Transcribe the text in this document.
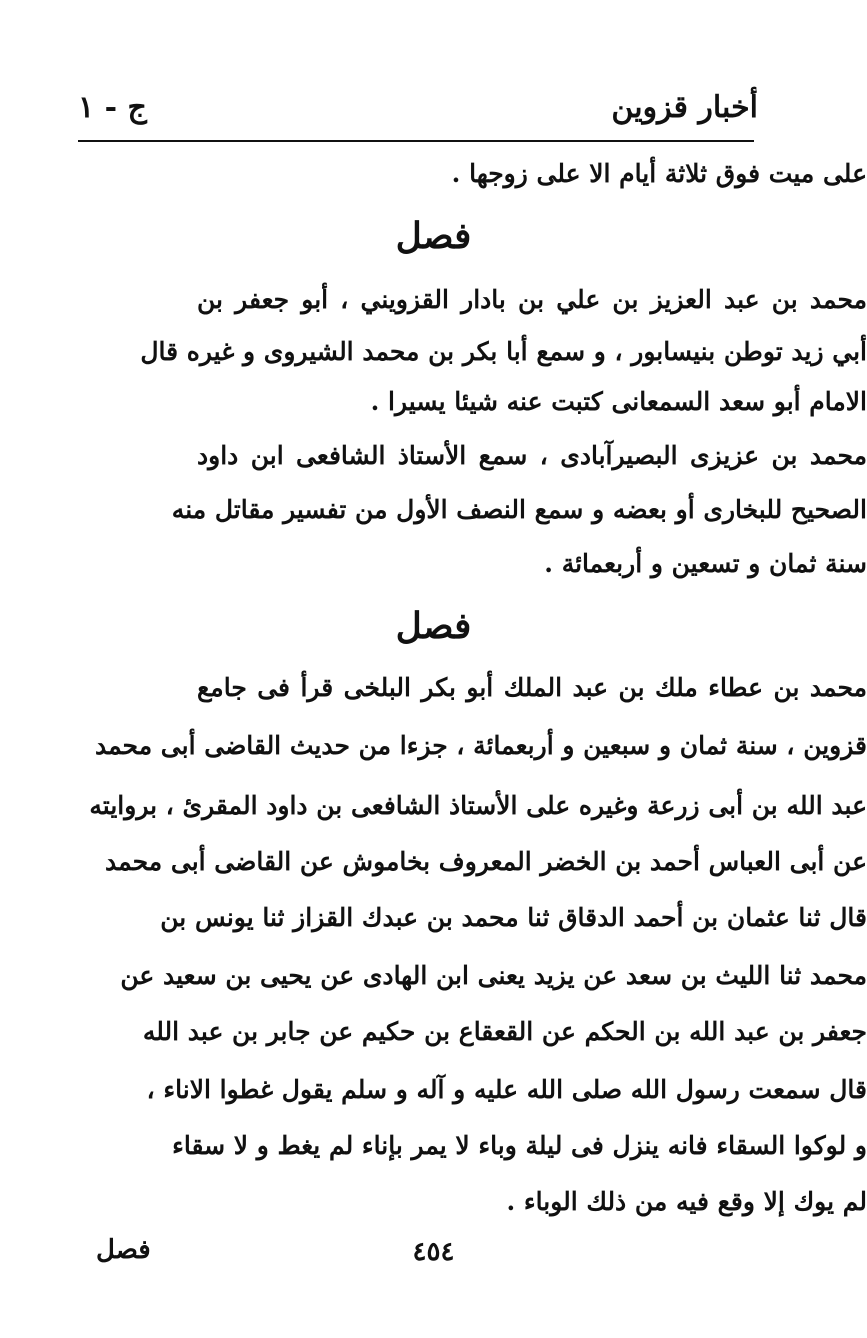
أخبار قزوين
ج - ١
على ميت فوق ثلاثة أيام الا على زوجها .
فصل
محمد بن عبد العزيز بن علي بن بادار القزويني ، أبو جعفر بن
أبي زيد توطن بنيسابور ، و سمع أبا بكر بن محمد الشيروى و غيره قال
الامام أبو سعد السمعانى كتبت عنه شيئا يسيرا .
محمد بن عزيزى البصيرآبادى ، سمع الأستاذ الشافعى ابن داود
الصحيح للبخارى أو بعضه و سمع النصف الأول من تفسير مقاتل منه
سنة ثمان و تسعين و أربعمائة .
فصل
محمد بن عطاء ملك بن عبد الملك أبو بكر البلخى قرأ فى جامع
قزوين ، سنة ثمان و سبعين و أربعمائة ، جزءا من حديث القاضى أبى محمد
عبد الله بن أبى زرعة وغيره على الأستاذ الشافعى بن داود المقرئ ، بروايته
عن أبى العباس أحمد بن الخضر المعروف بخاموش عن القاضى أبى محمد
قال ثنا عثمان بن أحمد الدقاق ثنا محمد بن عبدك القزاز ثنا يونس بن
محمد ثنا الليث بن سعد عن يزيد يعنى ابن الهادى عن يحيى بن سعيد عن
جعفر بن عبد الله بن الحكم عن القعقاع بن حكيم عن جابر بن عبد الله
قال سمعت رسول الله صلى الله عليه و آله و سلم يقول غطوا الاناء ،
و لوكوا السقاء فانه ينزل فى ليلة وباء لا يمر بإناء لم يغط و لا سقاء
لم يوك إلا وقع فيه من ذلك الوباء .
٤٥٤
فصل
